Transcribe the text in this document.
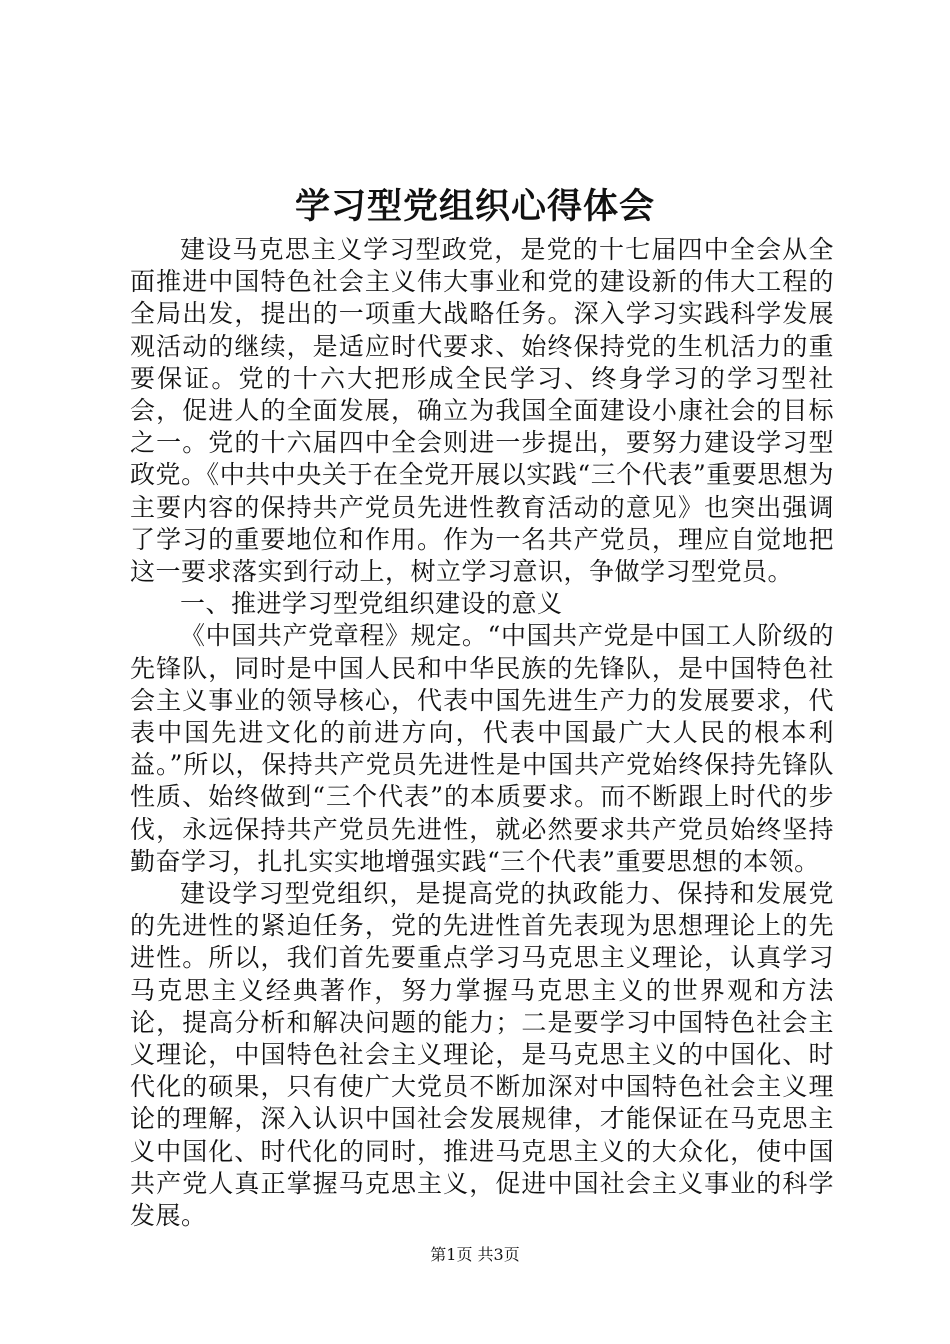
学习型党组织心得体会

建设马克思主义学习型政党，是党的十七届四中全会从全面推进中国特色社会主义伟大事业和党的建设新的伟大工程的全局出发，提出的一项重大战略任务。深入学习实践科学发展观活动的继续，是适应时代要求、始终保持党的生机活力的重要保证。党的十六大把形成全民学习、终身学习的学习型社会，促进人的全面发展，确立为我国全面建设小康社会的目标之一。党的十六届四中全会则进一步提出，要努力建设学习型政党。《中共中央关于在全党开展以实践“三个代表”重要思想为主要内容的保持共产党员先进性教育活动的意见》也突出强调了学习的重要地位和作用。作为一名共产党员，理应自觉地把这一要求落实到行动上，树立学习意识，争做学习型党员。

一、推进学习型党组织建设的意义

《中国共产党章程》规定。“中国共产党是中国工人阶级的先锋队，同时是中国人民和中华民族的先锋队，是中国特色社会主义事业的领导核心，代表中国先进生产力的发展要求，代表中国先进文化的前进方向，代表中国最广大人民的根本利益。”所以，保持共产党员先进性是中国共产党始终保持先锋队性质、始终做到“三个代表”的本质要求。而不断跟上时代的步伐，永远保持共产党员先进性，就必然要求共产党员始终坚持勤奋学习，扎扎实实地增强实践“三个代表”重要思想的本领。

建设学习型党组织，是提高党的执政能力、保持和发展党的先进性的紧迫任务，党的先进性首先表现为思想理论上的先进性。所以，我们首先要重点学习马克思主义理论，认真学习马克思主义经典著作，努力掌握马克思主义的世界观和方法论，提高分析和解决问题的能力；二是要学习中国特色社会主义理论，中国特色社会主义理论，是马克思主义的中国化、时代化的硕果，只有使广大党员不断加深对中国特色社会主义理论的理解，深入认识中国社会发展规律，才能保证在马克思主义中国化、时代化的同时，推进马克思主义的大众化，使中国共产党人真正掌握马克思主义，促进中国社会主义事业的科学发展。

第1页 共3页
